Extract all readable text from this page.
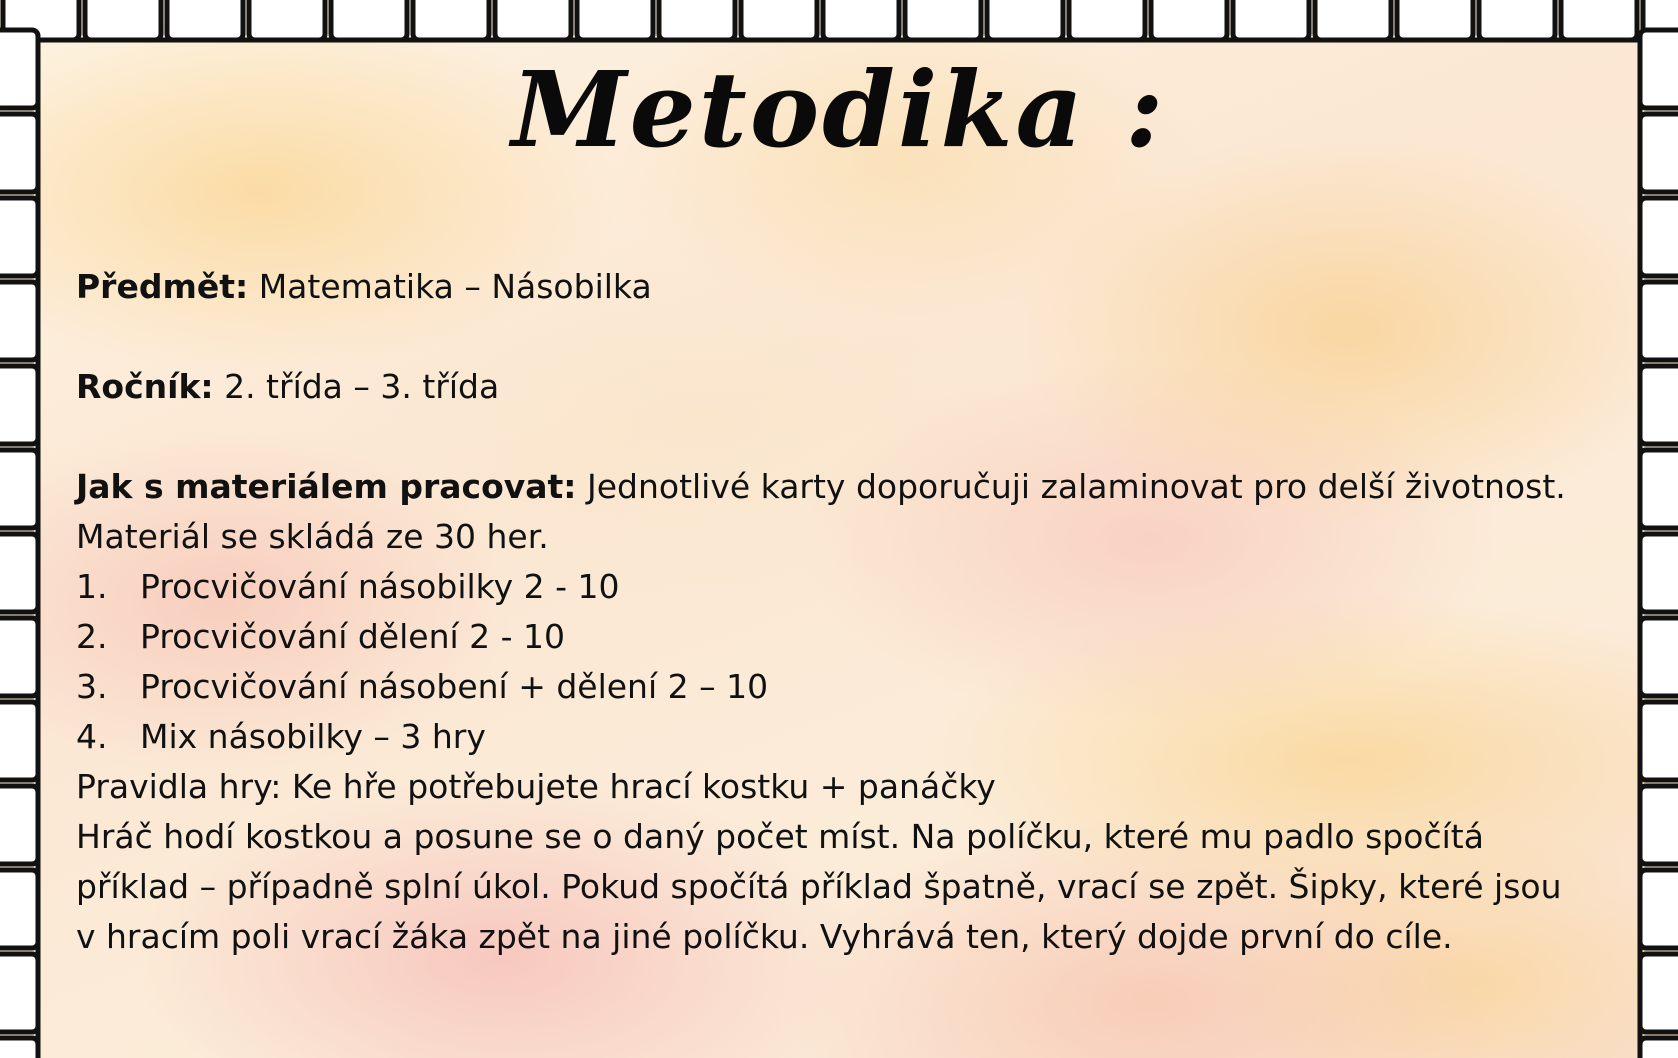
Metodika :

Předmět: Matematika – Násobilka

Ročník: 2. třída – 3. třída

Jak s materiálem pracovat: Jednotlivé karty doporučuji zalaminovat pro delší životnost.

Materiál se skládá ze 30 her.

1. Procvičování násobilky 2 - 10
2. Procvičování dělení 2 - 10
3. Procvičování násobení + dělení 2 – 10
4. Mix násobilky – 3 hry

Pravidla hry: Ke hře potřebujete hrací kostku + panáčky

Hráč hodí kostkou a posune se o daný počet míst. Na políčku, které mu padlo spočítá

příklad – případně splní úkol. Pokud spočítá příklad špatně, vrací se zpět. Šipky, které jsou

v hracím poli vrací žáka zpět na jiné políčku. Vyhrává ten, který dojde první do cíle.
